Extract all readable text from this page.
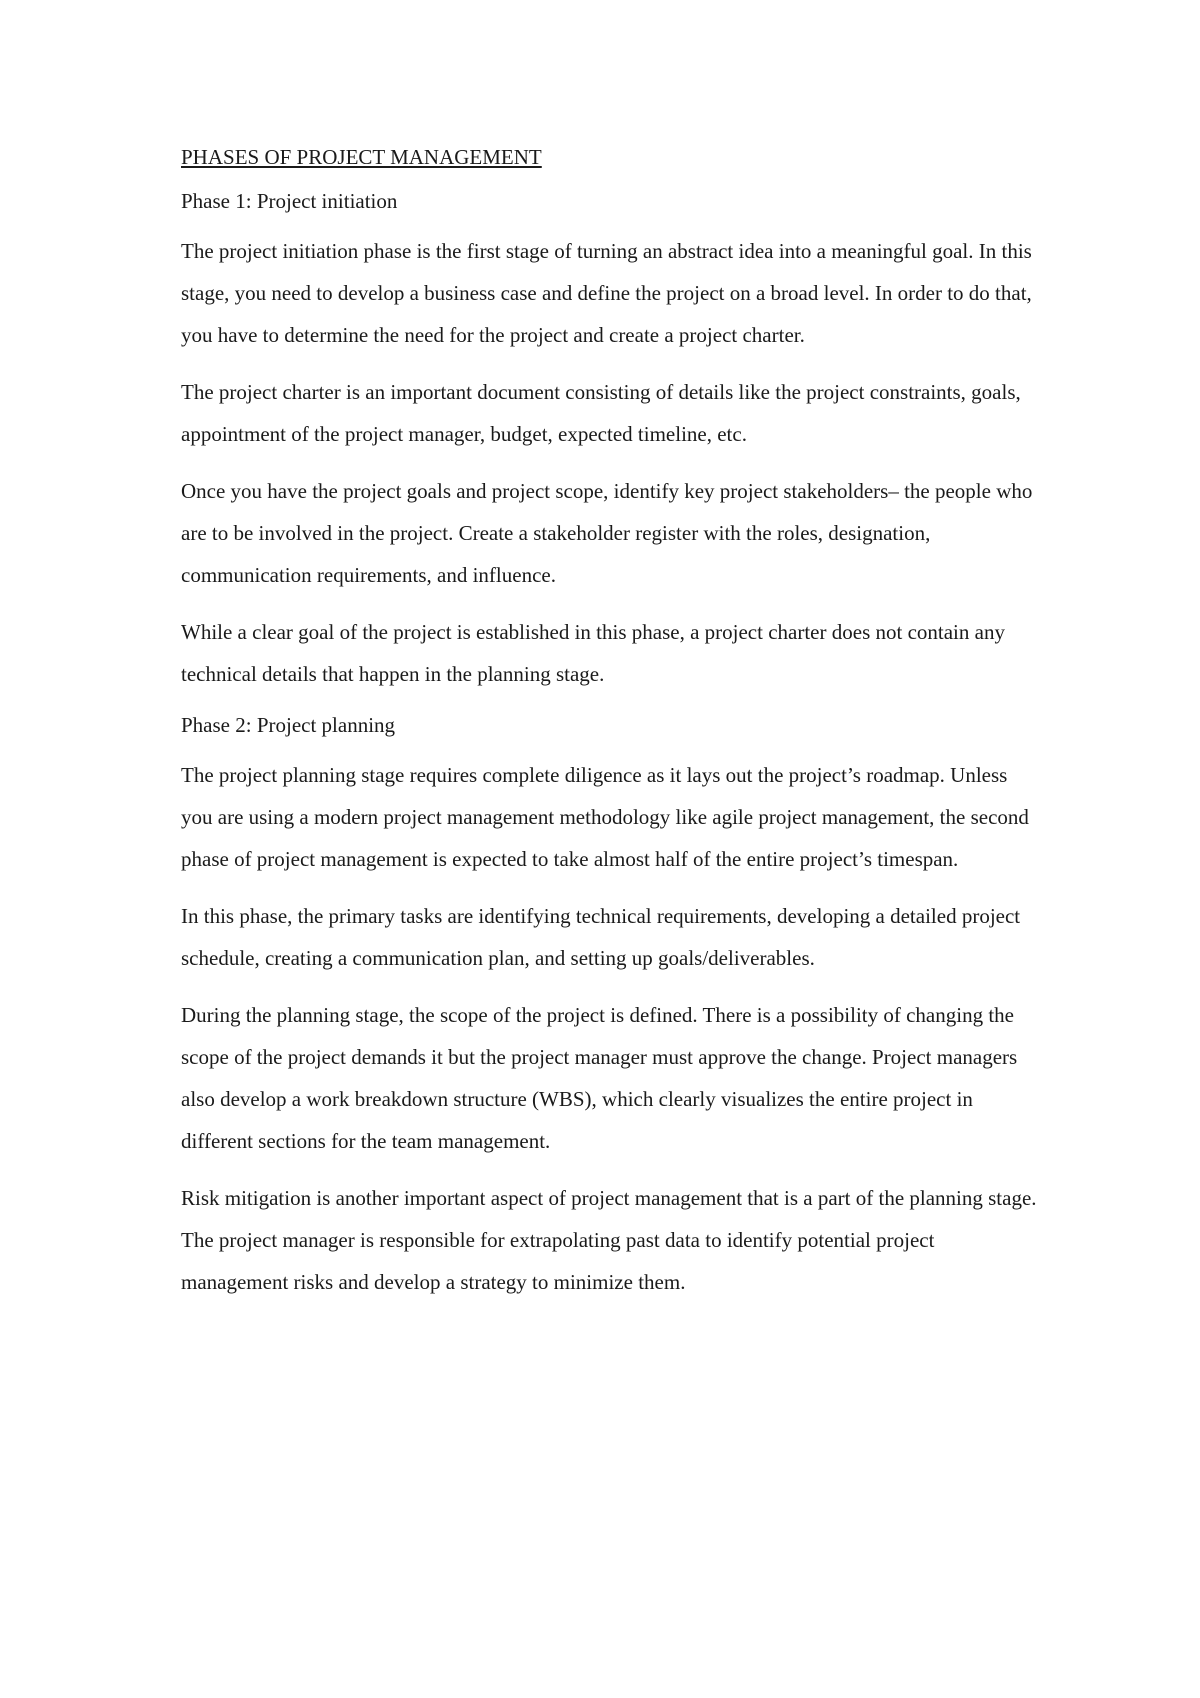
PHASES OF PROJECT MANAGEMENT
Phase 1: Project initiation

The project initiation phase is the first stage of turning an abstract idea into a meaningful goal. In this stage, you need to develop a business case and define the project on a broad level. In order to do that, you have to determine the need for the project and create a project charter.

The project charter is an important document consisting of details like the project constraints, goals, appointment of the project manager, budget, expected timeline, etc.

Once you have the project goals and project scope, identify key project stakeholders– the people who are to be involved in the project. Create a stakeholder register with the roles, designation, communication requirements, and influence.

While a clear goal of the project is established in this phase, a project charter does not contain any technical details that happen in the planning stage.

Phase 2: Project planning

The project planning stage requires complete diligence as it lays out the project’s roadmap. Unless you are using a modern project management methodology like agile project management, the second phase of project management is expected to take almost half of the entire project’s timespan.

In this phase, the primary tasks are identifying technical requirements, developing a detailed project schedule, creating a communication plan, and setting up goals/deliverables.

During the planning stage, the scope of the project is defined. There is a possibility of changing the scope of the project demands it but the project manager must approve the change. Project managers also develop a work breakdown structure (WBS), which clearly visualizes the entire project in different sections for the team management.

Risk mitigation is another important aspect of project management that is a part of the planning stage. The project manager is responsible for extrapolating past data to identify potential project management risks and develop a strategy to minimize them.
